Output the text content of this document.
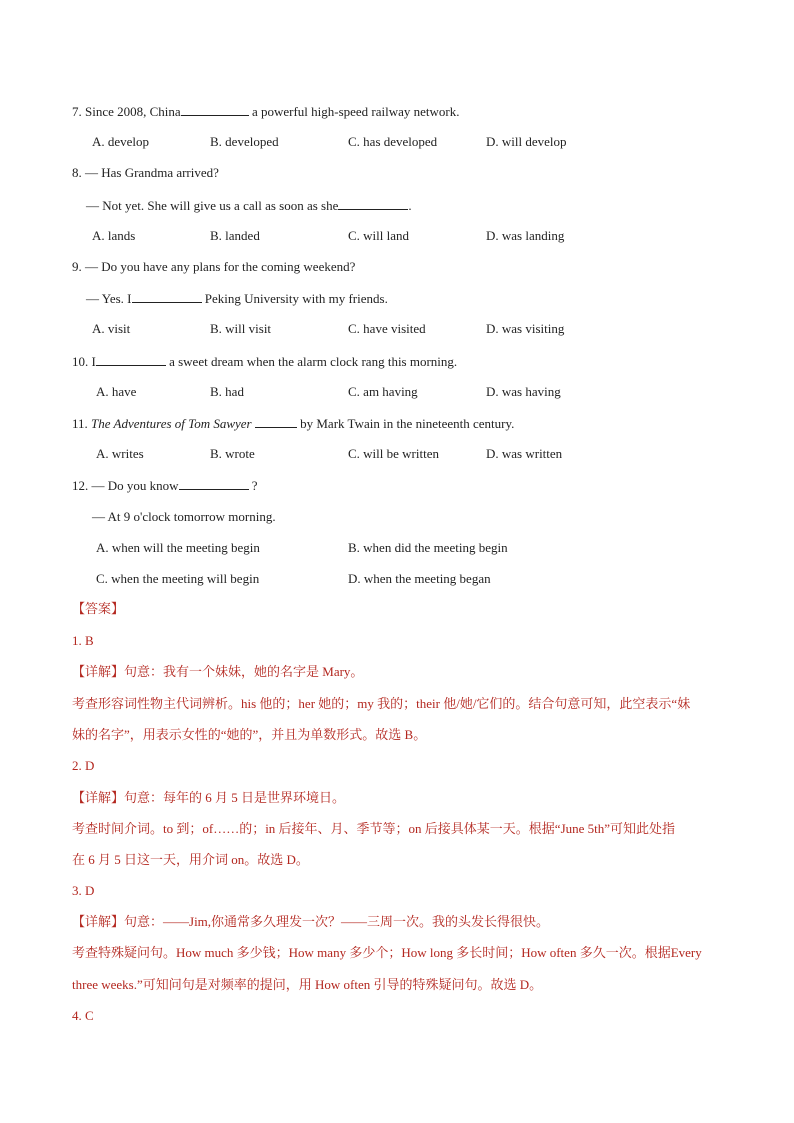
7. Since 2008, China	a powerful high-speed railway network.
A. develop	B. developed	C. has developed	D. will develop
8. — Has Grandma arrived?
— Not yet. She will give us a call as soon as she	.
A. lands	B. landed	C. will land	D. was landing
9. — Do you have any plans for the coming weekend?
— Yes. I	Peking University with my friends.
A. visit	B. will visit	C. have visited	D. was visiting
10. I	a sweet dream when the alarm clock rang this morning.
A. have	B. had	C. am having	D. was having
11. The Adventures of Tom Sawyer	by Mark Twain in the nineteenth century.
A. writes	B. wrote	C. will be written	D. was written
12. — Do you know	?
— At 9 o'clock tomorrow morning.
A. when will the meeting begin	B. when did the meeting begin
C. when the meeting will begin	D. when the meeting began
【答案】
1. B
【详解】句意：我有一个妹妹，她的名字是 Mary。
考查形容词性物主代词辨析。his 他的；her 她的；my 我的；their 他/她/它们的。结合句意可知，此空表示“妹
妹的名字”，用表示女性的“她的”，并且为单数形式。故选 B。
2. D
【详解】句意：每年的 6 月 5 日是世界环境日。
考查时间介词。to 到；of……的；in 后接年、月、季节等；on 后接具体某一天。根据“June 5th”可知此处指
在 6 月 5 日这一天，用介词 on。故选 D。
3. D
【详解】句意：——Jim,你通常多久理发一次？——三周一次。我的头发长得很快。
考查特殊疑问句。How much 多少钱；How many 多少个；How long 多长时间；How often 多久一次。根据Every
three weeks.”可知问句是对频率的提问，用 How often 引导的特殊疑问句。故选 D。
4. C
